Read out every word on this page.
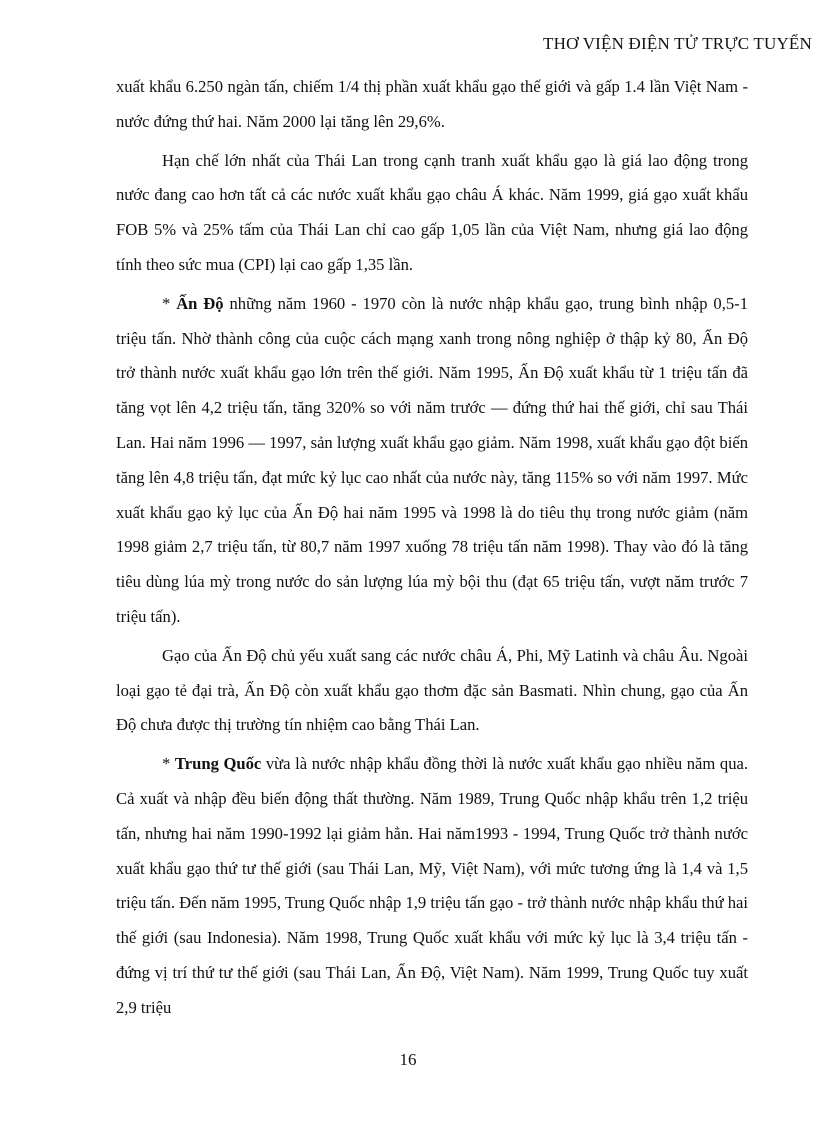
THƠ VIỆN ĐIỆN TỬ TRỰC TUYẾN

xuất khẩu 6.250 ngàn tấn, chiếm 1/4 thị phần xuất khẩu gạo thế giới và gấp 1.4 lần Việt Nam - nước đứng thứ hai. Năm 2000 lại tăng lên 29,6%.

Hạn chế lớn nhất của Thái Lan trong cạnh tranh xuất khẩu gạo là giá lao động trong nước đang cao hơn tất cả các nước xuất khẩu gạo châu Á khác. Năm 1999, giá gạo xuất khẩu FOB 5% và 25% tấm của Thái Lan chỉ cao gấp 1,05 lần của Việt Nam, nhưng giá lao động tính theo sức mua (CPI) lại cao gấp 1,35 lần.

* Ấn Độ những năm 1960 - 1970 còn là nước nhập khẩu gạo, trung bình nhập 0,5-1 triệu tấn. Nhờ thành công của cuộc cách mạng xanh trong nông nghiệp ở thập kỷ 80, Ấn Độ trở thành nước xuất khẩu gạo lớn trên thế giới. Năm 1995, Ấn Độ xuất khẩu từ 1 triệu tấn đã tăng vọt lên 4,2 triệu tấn, tăng 320% so với năm trước — đứng thứ hai thế giới, chỉ sau Thái Lan. Hai năm 1996 — 1997, sản lượng xuất khẩu gạo giảm. Năm 1998, xuất khẩu gạo đột biến tăng lên 4,8 triệu tấn, đạt mức kỷ lục cao nhất của nước này, tăng 115% so với năm 1997. Mức xuất khẩu gạo kỷ lục của Ấn Độ hai năm 1995 và 1998 là do tiêu thụ trong nước giảm (năm 1998 giảm 2,7 triệu tấn, từ 80,7 năm 1997 xuống 78 triệu tấn năm 1998). Thay vào đó là tăng tiêu dùng lúa mỳ trong nước do sản lượng lúa mỳ bội thu (đạt 65 triệu tấn, vượt năm trước 7 triệu tấn).

Gạo của Ấn Độ chủ yếu xuất sang các nước châu Á, Phi, Mỹ Latinh và châu Âu. Ngoài loại gạo tẻ đại trà, Ấn Độ còn xuất khẩu gạo thơm đặc sản Basmati. Nhìn chung, gạo của Ấn Độ chưa được thị trường tín nhiệm cao bằng Thái Lan.

* Trung Quốc vừa là nước nhập khẩu đồng thời là nước xuất khẩu gạo nhiều năm qua. Cả xuất và nhập đều biến động thất thường. Năm 1989, Trung Quốc nhập khẩu trên 1,2 triệu tấn, nhưng hai năm 1990-1992 lại giảm hẳn. Hai năm1993 - 1994, Trung Quốc trở thành nước xuất khẩu gạo thứ tư thế giới (sau Thái Lan, Mỹ, Việt Nam), với mức tương ứng là 1,4 và 1,5 triệu tấn. Đến năm 1995, Trung Quốc nhập 1,9 triệu tấn gạo - trở thành nước nhập khẩu thứ hai thế giới (sau Indonesia). Năm 1998, Trung Quốc xuất khẩu với mức kỷ lục là 3,4 triệu tấn - đứng vị trí thứ tư thế giới (sau Thái Lan, Ấn Độ, Việt Nam). Năm 1999, Trung Quốc tuy xuất 2,9 triệu

16
